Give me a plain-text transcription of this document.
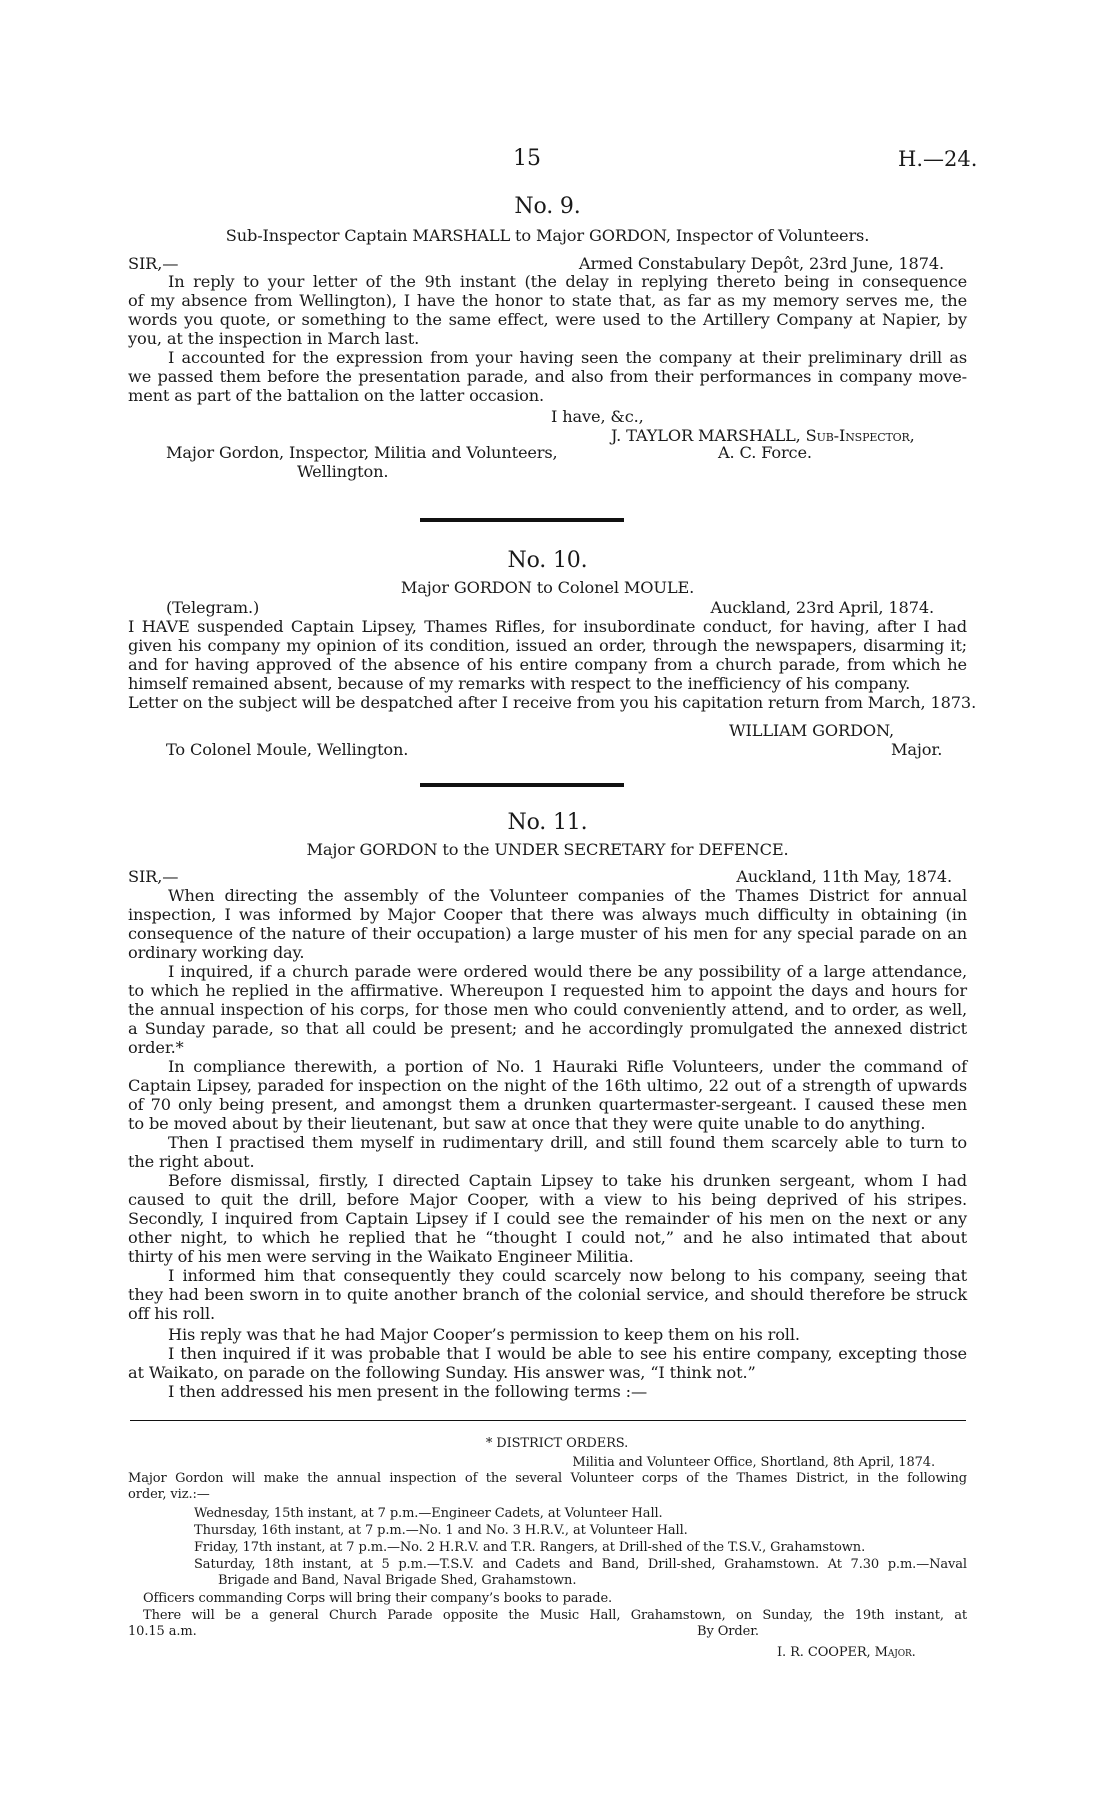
15	H.—24.
No. 9.
Sub-Inspector Captain MARSHALL to Major GORDON, Inspector of Volunteers.
SIR,—	Armed Constabulary Depôt, 23rd June, 1874.
In reply to your letter of the 9th instant (the delay in replying thereto being in consequence
of my absence from Wellington), I have the honor to state that, as far as my memory serves me, the
words you quote, or something to the same effect, were used to the Artillery Company at Napier, by
you, at the inspection in March last.
I accounted for the expression from your having seen the company at their preliminary drill as
we passed them before the presentation parade, and also from their performances in company move-
ment as part of the battalion on the latter occasion.
I have, &c.,
J. TAYLOR MARSHALL, Sub-Inspector,
Major Gordon, Inspector, Militia and Volunteers,	A. C. Force.
Wellington.
No. 10.
Major GORDON to Colonel MOULE.
(Telegram.)	Auckland, 23rd April, 1874.
I HAVE suspended Captain Lipsey, Thames Rifles, for insubordinate conduct, for having, after I had
given his company my opinion of its condition, issued an order, through the newspapers, disarming it;
and for having approved of the absence of his entire company from a church parade, from which he
himself remained absent, because of my remarks with respect to the inefficiency of his company.
Letter on the subject will be despatched after I receive from you his capitation return from March, 1873.
WILLIAM GORDON,
To Colonel Moule, Wellington.	Major.
No. 11.
Major GORDON to the UNDER SECRETARY for DEFENCE.
SIR,—	Auckland, 11th May, 1874.
When directing the assembly of the Volunteer companies of the Thames District for annual
inspection, I was informed by Major Cooper that there was always much difficulty in obtaining (in
consequence of the nature of their occupation) a large muster of his men for any special parade on an
ordinary working day.
I inquired, if a church parade were ordered would there be any possibility of a large attendance,
to which he replied in the affirmative. Whereupon I requested him to appoint the days and hours for
the annual inspection of his corps, for those men who could conveniently attend, and to order, as well,
a Sunday parade, so that all could be present; and he accordingly promulgated the annexed district
order.*
In compliance therewith, a portion of No. 1 Hauraki Rifle Volunteers, under the command of
Captain Lipsey, paraded for inspection on the night of the 16th ultimo, 22 out of a strength of upwards
of 70 only being present, and amongst them a drunken quartermaster-sergeant. I caused these men
to be moved about by their lieutenant, but saw at once that they were quite unable to do anything.
Then I practised them myself in rudimentary drill, and still found them scarcely able to turn to
the right about.
Before dismissal, firstly, I directed Captain Lipsey to take his drunken sergeant, whom I had
caused to quit the drill, before Major Cooper, with a view to his being deprived of his stripes.
Secondly, I inquired from Captain Lipsey if I could see the remainder of his men on the next or any
other night, to which he replied that he “thought I could not,” and he also intimated that about
thirty of his men were serving in the Waikato Engineer Militia.
I informed him that consequently they could scarcely now belong to his company, seeing that
they had been sworn in to quite another branch of the colonial service, and should therefore be struck
off his roll.
His reply was that he had Major Cooper’s permission to keep them on his roll.
I then inquired if it was probable that I would be able to see his entire company, excepting those
at Waikato, on parade on the following Sunday. His answer was, “I think not.”
I then addressed his men present in the following terms :—
* DISTRICT ORDERS.
Militia and Volunteer Office, Shortland, 8th April, 1874.
Major Gordon will make the annual inspection of the several Volunteer corps of the Thames District, in the following
order, viz.:—
Wednesday, 15th instant, at 7 p.m.—Engineer Cadets, at Volunteer Hall.
Thursday, 16th instant, at 7 p.m.—No. 1 and No. 3 H.R.V., at Volunteer Hall.
Friday, 17th instant, at 7 p.m.—No. 2 H.R.V. and T.R. Rangers, at Drill-shed of the T.S.V., Grahamstown.
Saturday, 18th instant, at 5 p.m.—T.S.V. and Cadets and Band, Drill-shed, Grahamstown. At 7.30 p.m.—Naval
Brigade and Band, Naval Brigade Shed, Grahamstown.
Officers commanding Corps will bring their company’s books to parade.
There will be a general Church Parade opposite the Music Hall, Grahamstown, on Sunday, the 19th instant, at
10.15 a.m.	By Order.
I. R. COOPER, Major.
